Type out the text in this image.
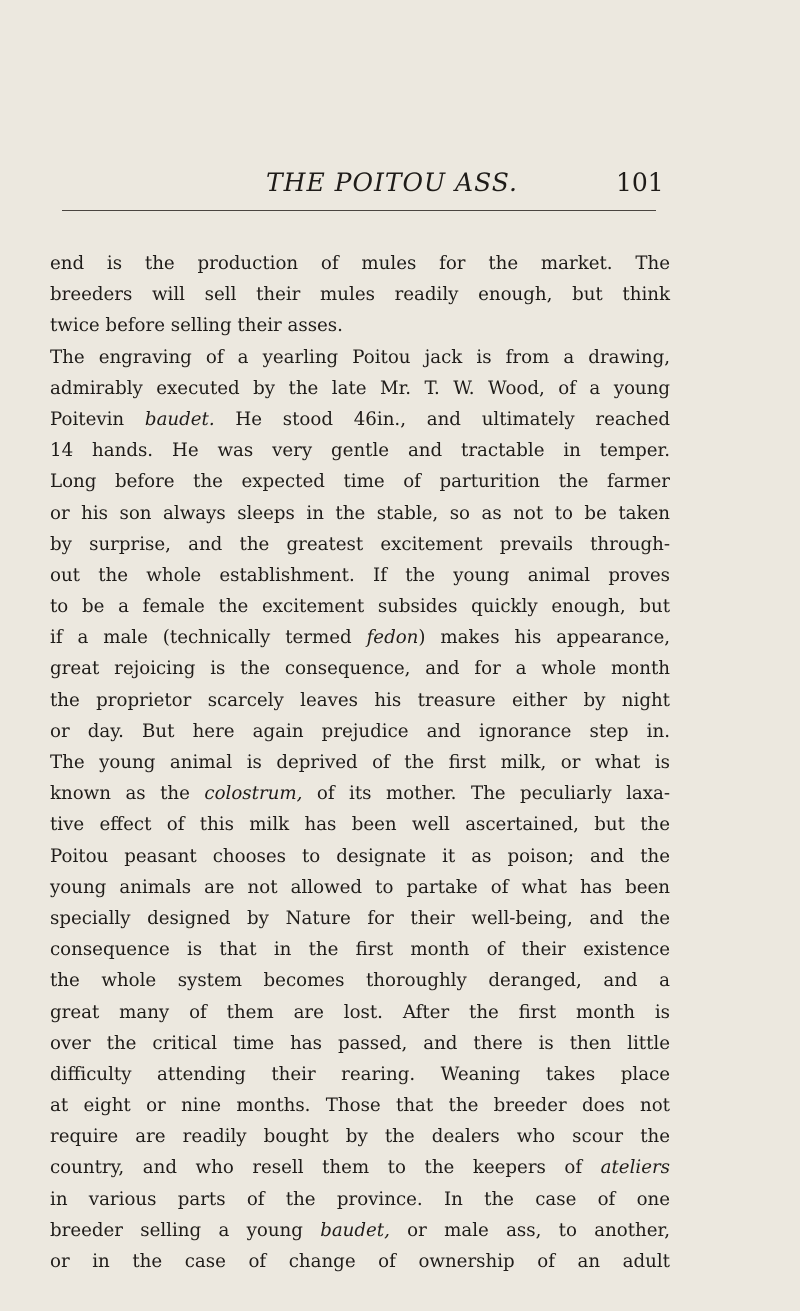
THE POITOU ASS.	101
end is the production of mules for the market. The
breeders will sell their mules readily enough, but think
twice before selling their asses.
The engraving of a yearling Poitou jack is from a drawing,
admirably executed by the late Mr. T. W. Wood, of a young
Poitevin baudet. He stood 46in., and ultimately reached
14 hands. He was very gentle and tractable in temper.
Long before the expected time of parturition the farmer
or his son always sleeps in the stable, so as not to be taken
by surprise, and the greatest excitement prevails through-
out the whole establishment. If the young animal proves
to be a female the excitement subsides quickly enough, but
if a male (technically termed fedon) makes his appearance,
great rejoicing is the consequence, and for a whole month
the proprietor scarcely leaves his treasure either by night
or day. But here again prejudice and ignorance step in.
The young animal is deprived of the first milk, or what is
known as the colostrum, of its mother. The peculiarly laxa-
tive effect of this milk has been well ascertained, but the
Poitou peasant chooses to designate it as poison; and the
young animals are not allowed to partake of what has been
specially designed by Nature for their well-being, and the
consequence is that in the first month of their existence
the whole system becomes thoroughly deranged, and a
great many of them are lost. After the first month is
over the critical time has passed, and there is then little
difficulty attending their rearing. Weaning takes place
at eight or nine months. Those that the breeder does not
require are readily bought by the dealers who scour the
country, and who resell them to the keepers of ateliers
in various parts of the province. In the case of one
breeder selling a young baudet, or male ass, to another,
or in the case of change of ownership of an adult
